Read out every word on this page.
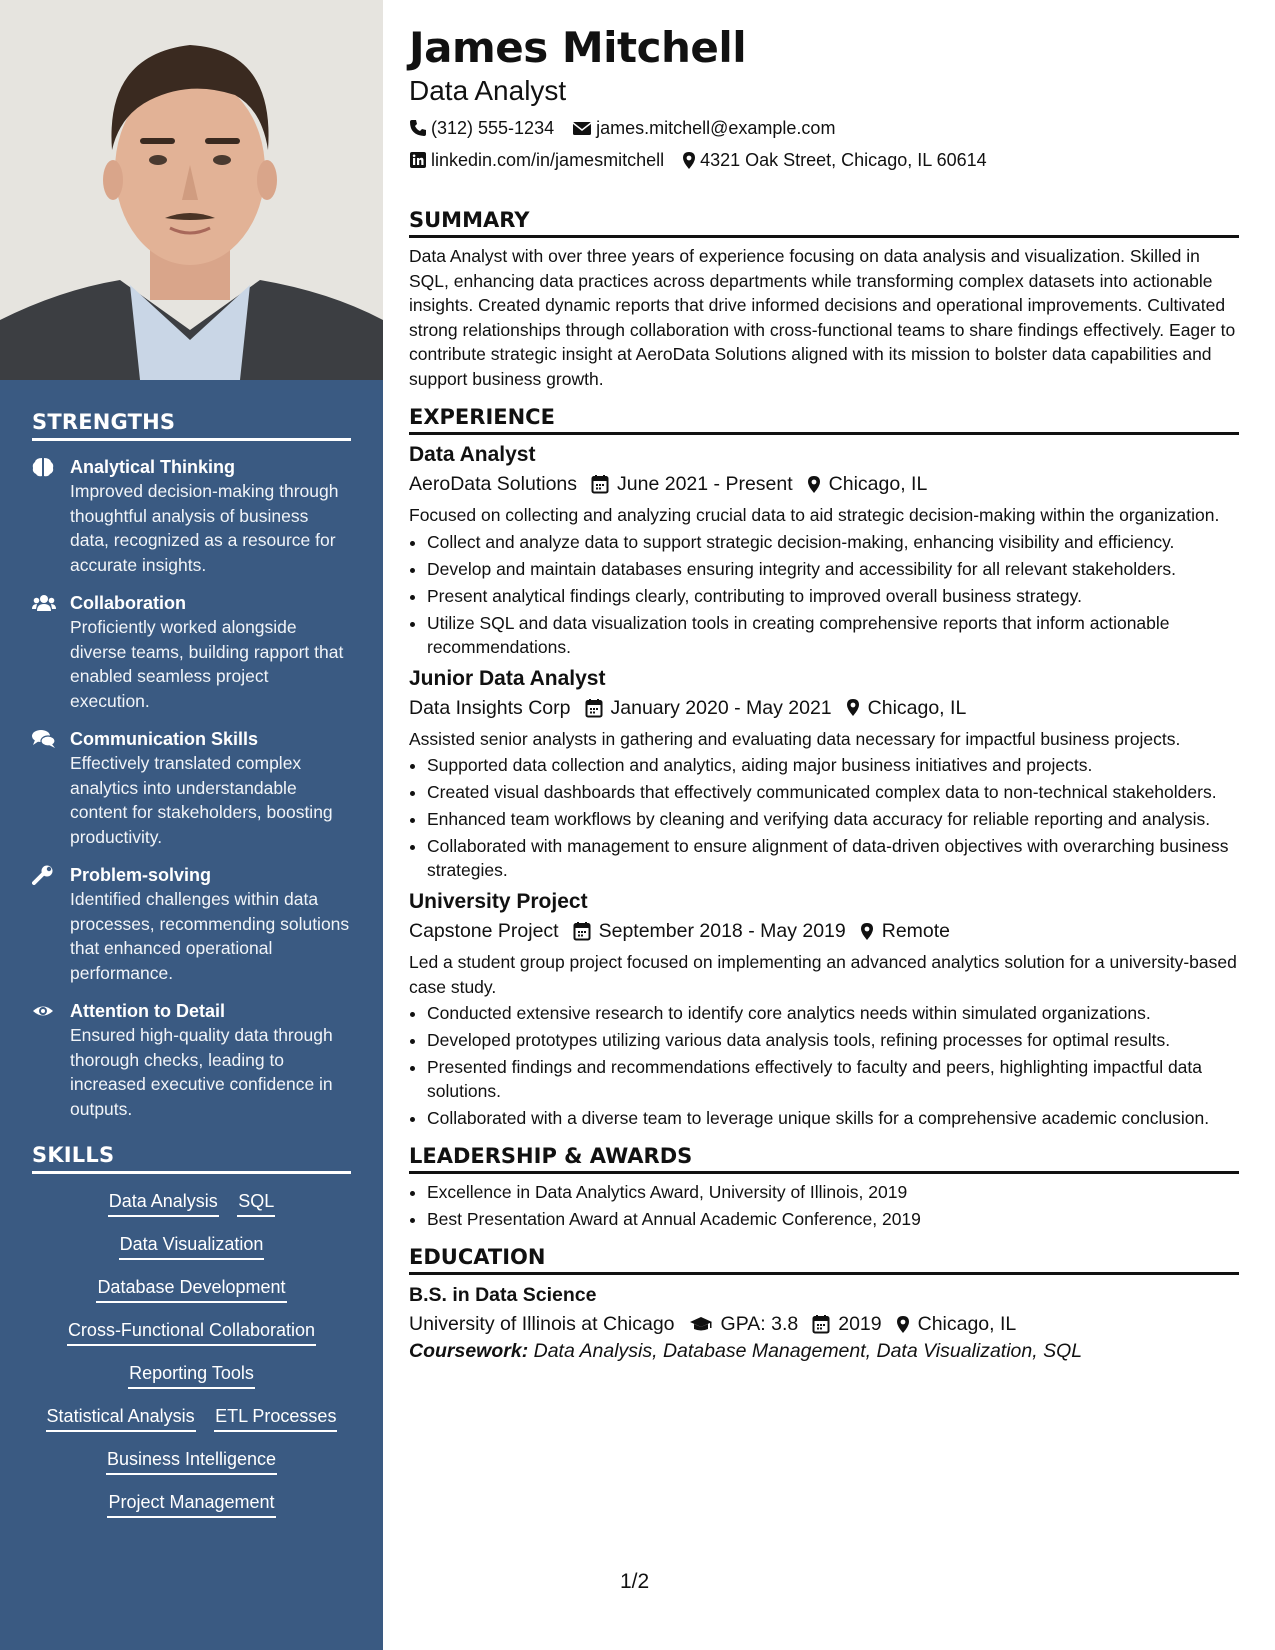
STRENGTHS
Analytical Thinking
Improved decision-making through thoughtful analysis of business data, recognized as a resource for accurate insights.
Collaboration
Proficiently worked alongside diverse teams, building rapport that enabled seamless project execution.
Communication Skills
Effectively translated complex analytics into understandable content for stakeholders, boosting productivity.
Problem-solving
Identified challenges within data processes, recommending solutions that enhanced operational performance.
Attention to Detail
Ensured high-quality data through thorough checks, leading to increased executive confidence in outputs.
SKILLS
Data Analysis SQL
Data Visualization
Database Development
Cross-Functional Collaboration
Reporting Tools
Statistical Analysis ETL Processes
Business Intelligence
Project Management
James Mitchell
Data Analyst
(312) 555-1234 james.mitchell@example.com
linkedin.com/in/jamesmitchell 4321 Oak Street, Chicago, IL 60614
SUMMARY

Data Analyst with over three years of experience focusing on data analysis and visualization. Skilled in SQL, enhancing data practices across departments while transforming complex datasets into actionable insights. Created dynamic reports that drive informed decisions and operational improvements. Cultivated strong relationships through collaboration with cross-functional teams to share findings effectively. Eager to contribute strategic insight at AeroData Solutions aligned with its mission to bolster data capabilities and support business growth.

EXPERIENCE
Data Analyst
AeroData Solutions June 2021 - Present Chicago, IL

Focused on collecting and analyzing crucial data to aid strategic decision-making within the organization.

• Collect and analyze data to support strategic decision-making, enhancing visibility and efficiency.
• Develop and maintain databases ensuring integrity and accessibility for all relevant stakeholders.
• Present analytical findings clearly, contributing to improved overall business strategy.
• Utilize SQL and data visualization tools in creating comprehensive reports that inform actionable recommendations.
Junior Data Analyst
Data Insights Corp January 2020 - May 2021 Chicago, IL

Assisted senior analysts in gathering and evaluating data necessary for impactful business projects.

• Supported data collection and analytics, aiding major business initiatives and projects.
• Created visual dashboards that effectively communicated complex data to non-technical stakeholders.
• Enhanced team workflows by cleaning and verifying data accuracy for reliable reporting and analysis.
• Collaborated with management to ensure alignment of data-driven objectives with overarching business strategies.
University Project
Capstone Project September 2018 - May 2019 Remote

Led a student group project focused on implementing an advanced analytics solution for a university-based case study.

• Conducted extensive research to identify core analytics needs within simulated organizations.
• Developed prototypes utilizing various data analysis tools, refining processes for optimal results.
• Presented findings and recommendations effectively to faculty and peers, highlighting impactful data solutions.
• Collaborated with a diverse team to leverage unique skills for a comprehensive academic conclusion.
LEADERSHIP & AWARDS
• Excellence in Data Analytics Award, University of Illinois, 2019
• Best Presentation Award at Annual Academic Conference, 2019
EDUCATION
B.S. in Data Science
University of Illinois at Chicago GPA: 3.8 2019 Chicago, IL
Coursework: Data Analysis, Database Management, Data Visualization, SQL
1/2
